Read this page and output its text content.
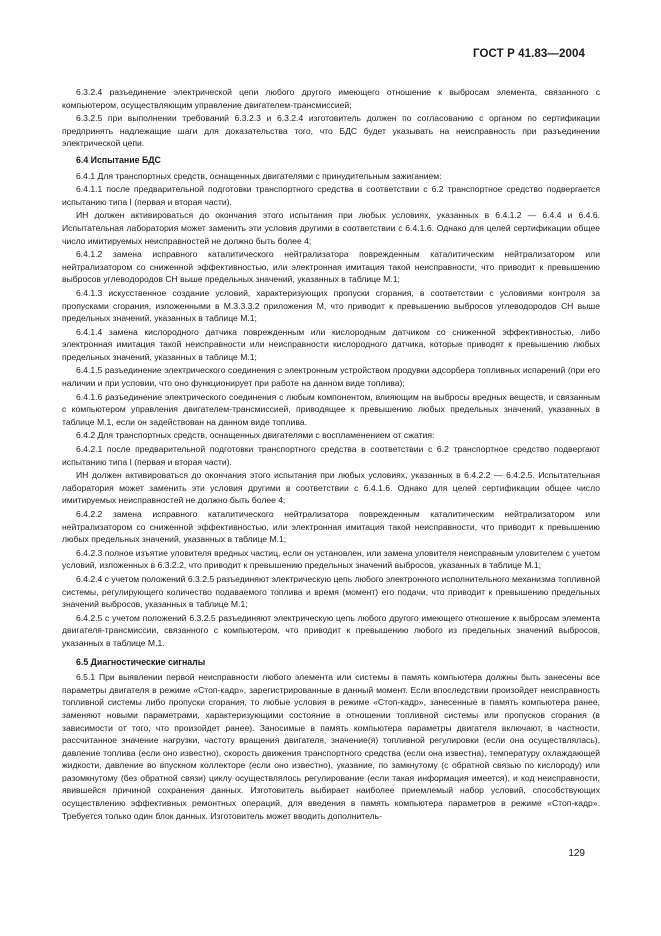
ГОСТ Р 41.83—2004

6.3.2.4 разъединение электрической цепи любого другого имеющего отношение к выбросам элемента, связанного с компьютером, осуществляющим управление двигателем-трансмиссией;

6.3.2.5 при выполнении требований 6.3.2.3 и 6.3.2.4 изготовитель должен по согласованию с органом по сертификации предпринять надлежащие шаги для доказательства того, что БДС будет указывать на неисправность при разъединении электрической цепи.

6.4 Испытание БДС

6.4.1 Для транспортных средств, оснащенных двигателями с принудительным зажиганием:

6.4.1.1 после предварительной подготовки транспортного средства в соответствии с 6.2 транспортное средство подвергается испытанию типа I (первая и вторая части).

ИН должен активироваться до окончания этого испытания при любых условиях, указанных в 6.4.1.2 — 6.4.4 и 6.4.6. Испытательная лаборатория может заменить эти условия другими в соответствии с 6.4.1.6. Однако для целей сертификации общее число имитируемых неисправностей не должно быть более 4;

6.4.1.2 замена исправного каталитического нейтрализатора поврежденным каталитическим нейтрализатором или нейтрализатором со сниженной эффективностью, или электронная имитация такой неисправности, что приводит к превышению выбросов углеводородов СН выше предельных значений, указанных в таблице М.1;

6.4.1.3 искусственное создание условий, характеризующих пропуски сгорания, в соответствии с условиями контроля за пропусками сгорания, изложенными в М.3.3.3.2 приложения М, что приводит к превышению выбросов углеводородов СН выше предельных значений, указанных в таблице М.1;

6.4.1.4 замена кислородного датчика поврежденным или кислородным датчиком со сниженной эффективностью, либо электронная имитация такой неисправности или неисправности кислородного датчика, которые приводят к превышению любых предельных значений, указанных в таблице М.1;

6.4.1.5 разъединение электрического соединения с электронным устройством продувки адсорбера топливных испарений (при его наличии и при условии, что оно функционирует при работе на данном виде топлива);

6.4.1.6 разъединение электрического соединения с любым компонентом, влияющим на выбросы вредных веществ, и связанным с компьютером управления двигателем-трансмиссией, приводящее к превышению любых предельных значений, указанных в таблице М.1, если он задействован на данном виде топлива.

6.4.2 Для транспортных средств, оснащенных двигателями с воспламенением от сжатия:

6.4.2.1 после предварительной подготовки транспортного средства в соответствии с 6.2 транспортное средство подвергают испытанию типа I (первая и вторая части).

ИН должен активироваться до окончания этого испытания при любых условиях, указанных в 6.4.2.2 — 6.4.2.5. Испытательная лаборатория может заменить эти условия другими в соответствии с 6.4.1.6. Однако для целей сертификации общее число имитируемых неисправностей не должно быть более 4;

6.4.2.2 замена исправного каталитического нейтрализатора поврежденным каталитическим нейтрализатором или нейтрализатором со сниженной эффективностью, или электронная имитация такой неисправности, что приводит к превышению любых предельных значений, указанных в таблице М.1;

6.4.2.3 полное изъятие уловителя вредных частиц, если он установлен, или замена уловителя неисправным уловителем с учетом условий, изложенных в 6.3.2.2, что приводит к превышению предельных значений выбросов, указанных в таблице М.1;

6.4.2.4 с учетом положений 6.3.2.5 разъединяют электрическую цепь любого электронного исполнительного механизма топливной системы, регулирующего количество подаваемого топлива и время (момент) его подачи, что приводит к превышению предельных значений выбросов, указанных в таблице М.1;

6.4.2.5 с учетом положений 6.3.2.5 разъединяют электрическую цепь любого другого имеющего отношение к выбросам элемента двигателя-трансмиссии, связанного с компьютером, что приводит к превышению любого из предельных значений выбросов, указанных в таблице М.1.

6.5 Диагностические сигналы

6.5.1 При выявлении первой неисправности любого элемента или системы в память компьютера должны быть занесены все параметры двигателя в режиме «Стоп-кадр», зарегистрированные в данный момент. Если впоследствии произойдет неисправность топливной системы либо пропуски сгорания, то любые условия в режиме «Стоп-кадр», занесенные в память компьютера ранее, заменяют новыми параметрами, характеризующими состояние в отношении топливной системы или пропусков сгорания (в зависимости от того, что произойдет ранее). Заносимые в память компьютера параметры двигателя включают, в частности, рассчитанное значение нагрузки, частоту вращения двигателя, значение(я) топливной регулировки (если она осуществлялась), давление топлива (если оно известно), скорость движения транспортного средства (если она известна), температуру охлаждающей жидкости, давление во впускном коллекторе (если оно известно), указание, по замкнутому (с обратной связью по кислороду) или разомкнутому (без обратной связи) циклу осуществлялось регулирование (если такая информация имеется), и код неисправности, явившейся причиной сохранения данных. Изготовитель выбирает наиболее приемлемый набор условий, способствующих осуществлению эффективных ремонтных операций, для введения в память компьютера параметров в режиме «Стоп-кадр». Требуется только один блок данных. Изготовитель может вводить дополнитель-

129
